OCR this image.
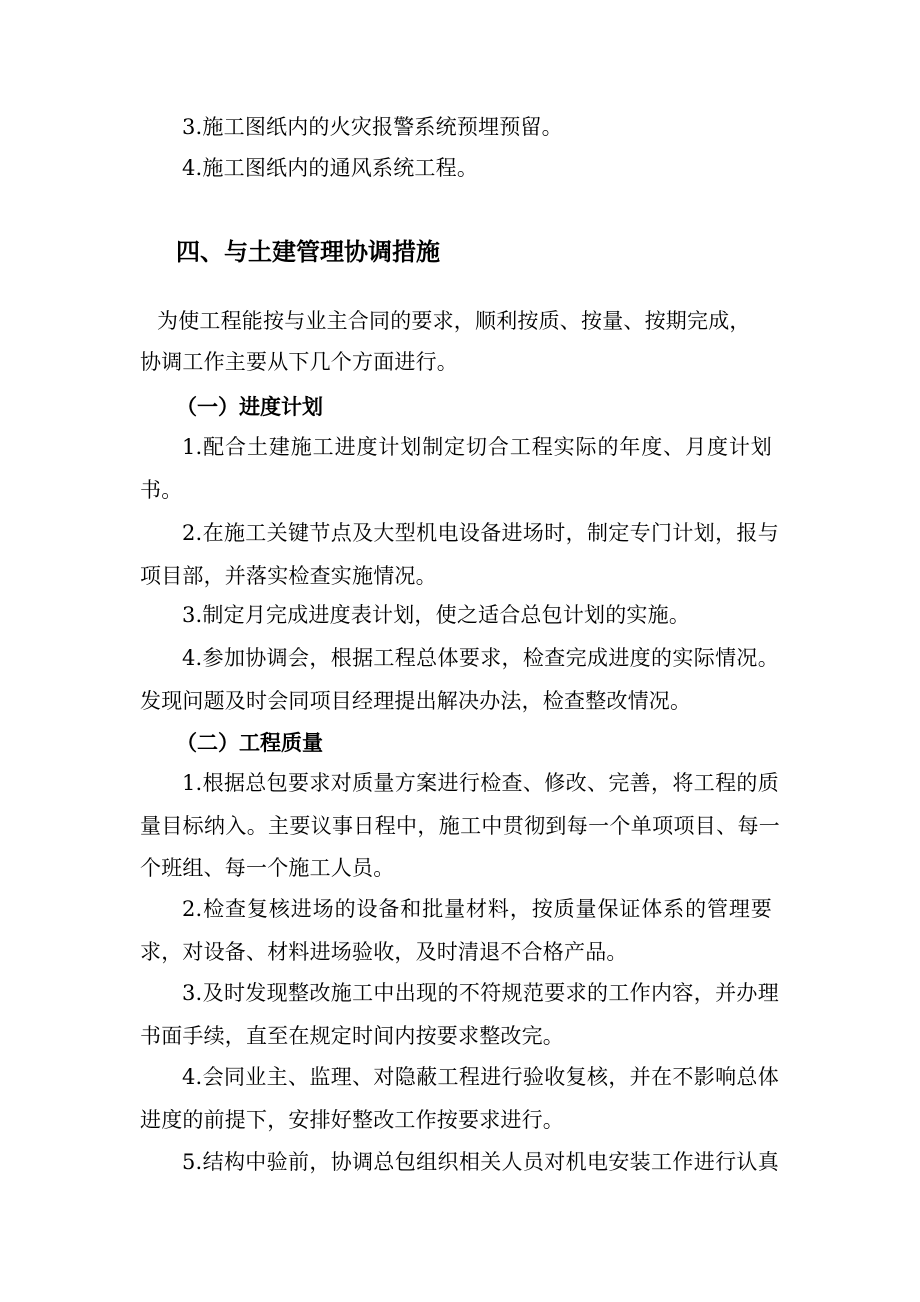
3.施工图纸内的火灾报警系统预埋预留。
4.施工图纸内的通风系统工程。
四、与土建管理协调措施
为使工程能按与业主合同的要求，顺利按质、按量、按期完成，
协调工作主要从下几个方面进行。
（一）进度计划
1.配合土建施工进度计划制定切合工程实际的年度、月度计划
书。
2.在施工关键节点及大型机电设备进场时，制定专门计划，报与
项目部，并落实检查实施情况。
3.制定月完成进度表计划，使之适合总包计划的实施。
4.参加协调会，根据工程总体要求，检查完成进度的实际情况。
发现问题及时会同项目经理提出解决办法，检查整改情况。
（二）工程质量
1.根据总包要求对质量方案进行检查、修改、完善，将工程的质
量目标纳入。主要议事日程中，施工中贯彻到每一个单项项目、每一
个班组、每一个施工人员。
2.检查复核进场的设备和批量材料，按质量保证体系的管理要
求，对设备、材料进场验收，及时清退不合格产品。
3.及时发现整改施工中出现的不符规范要求的工作内容，并办理
书面手续，直至在规定时间内按要求整改完。
4.会同业主、监理、对隐蔽工程进行验收复核，并在不影响总体
进度的前提下，安排好整改工作按要求进行。
5.结构中验前，协调总包组织相关人员对机电安装工作进行认真
